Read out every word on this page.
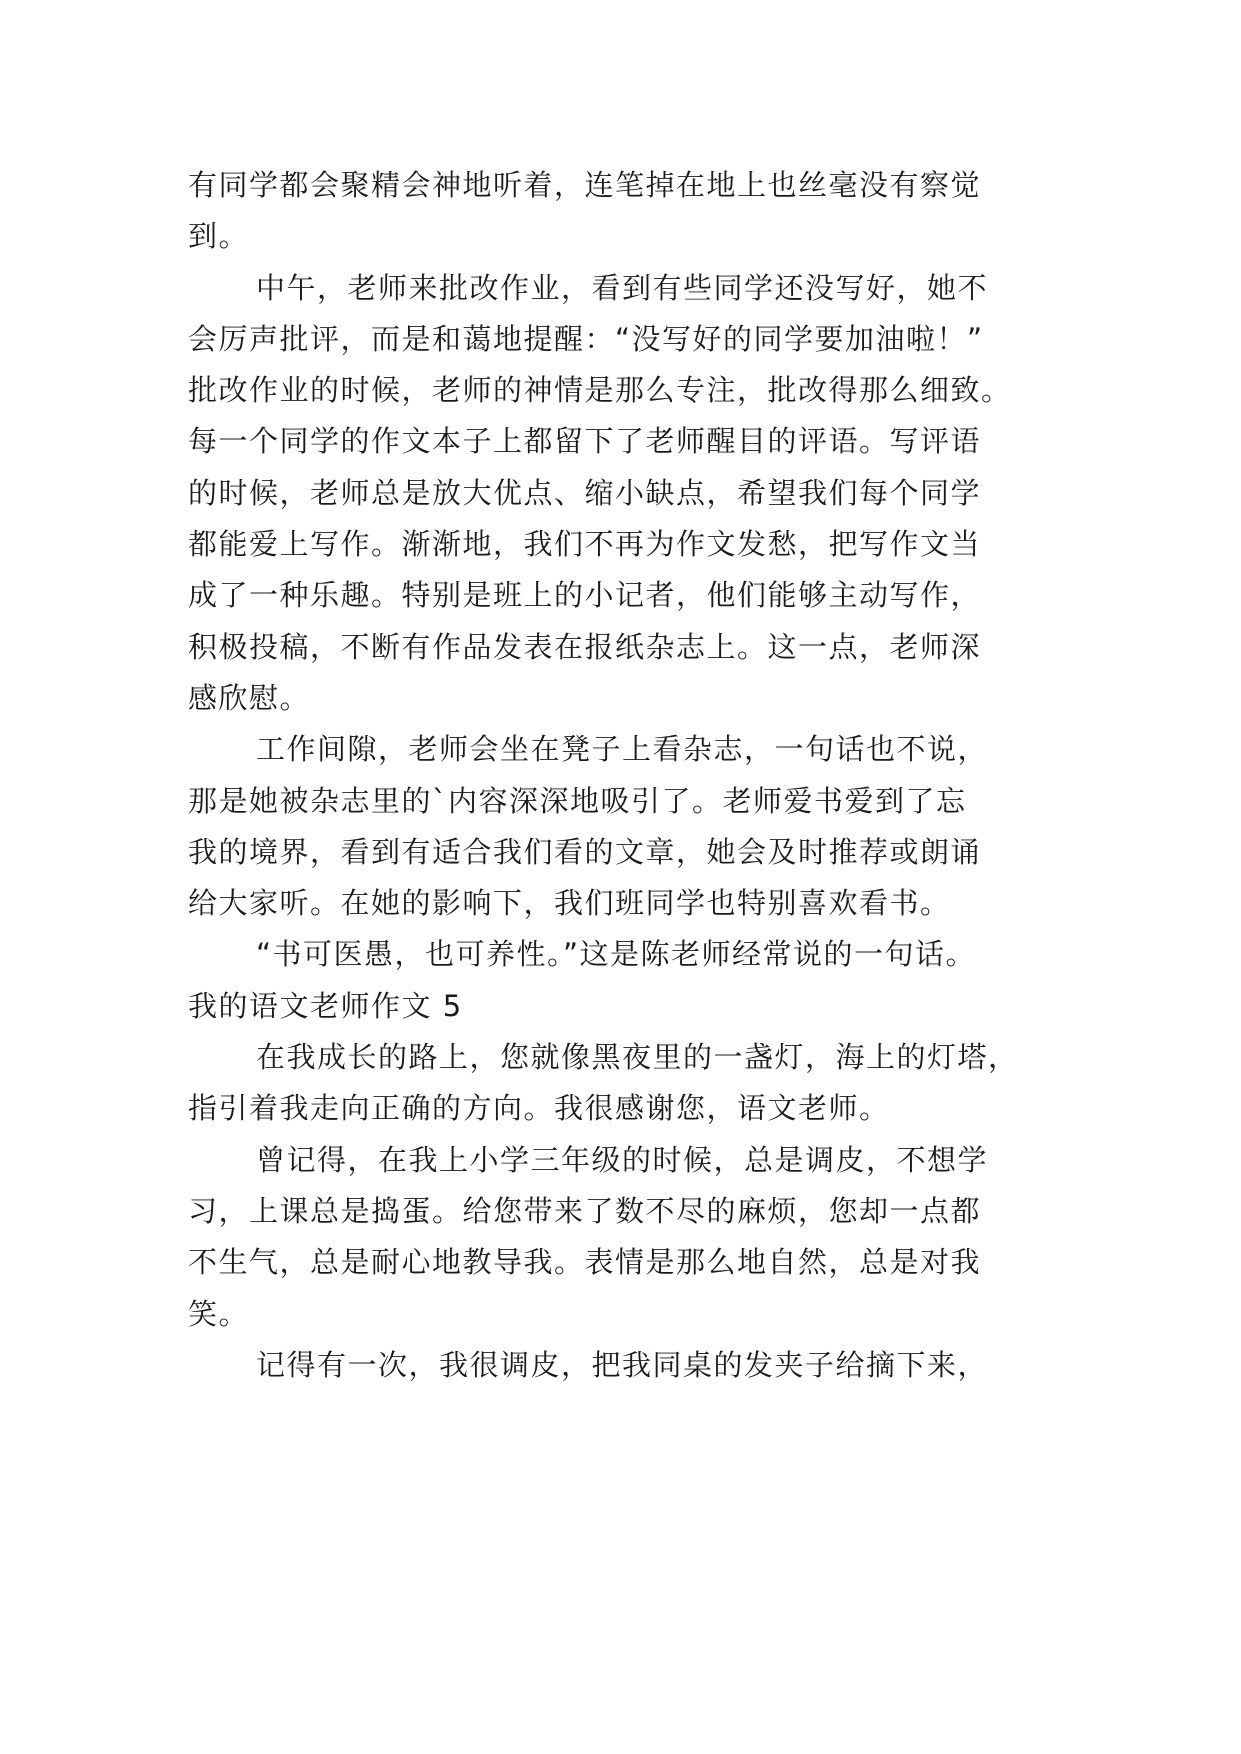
有同学都会聚精会神地听着，连笔掉在地上也丝毫没有察觉
到。
中午，老师来批改作业，看到有些同学还没写好，她不
会厉声批评，而是和蔼地提醒：“没写好的同学要加油啦！”
批改作业的时候，老师的神情是那么专注，批改得那么细致。
每一个同学的作文本子上都留下了老师醒目的评语。写评语
的时候，老师总是放大优点、缩小缺点，希望我们每个同学
都能爱上写作。渐渐地，我们不再为作文发愁，把写作文当
成了一种乐趣。特别是班上的小记者，他们能够主动写作，
积极投稿，不断有作品发表在报纸杂志上。这一点，老师深
感欣慰。
工作间隙，老师会坐在凳子上看杂志，一句话也不说，
那是她被杂志里的`内容深深地吸引了。老师爱书爱到了忘
我的境界，看到有适合我们看的文章，她会及时推荐或朗诵
给大家听。在她的影响下，我们班同学也特别喜欢看书。
“书可医愚，也可养性。”这是陈老师经常说的一句话。
我的语文老师作文 5
在我成长的路上，您就像黑夜里的一盏灯，海上的灯塔，
指引着我走向正确的方向。我很感谢您，语文老师。
曾记得，在我上小学三年级的时候，总是调皮，不想学
习，上课总是捣蛋。给您带来了数不尽的麻烦，您却一点都
不生气，总是耐心地教导我。表情是那么地自然，总是对我
笑。
记得有一次，我很调皮，把我同桌的发夹子给摘下来，
